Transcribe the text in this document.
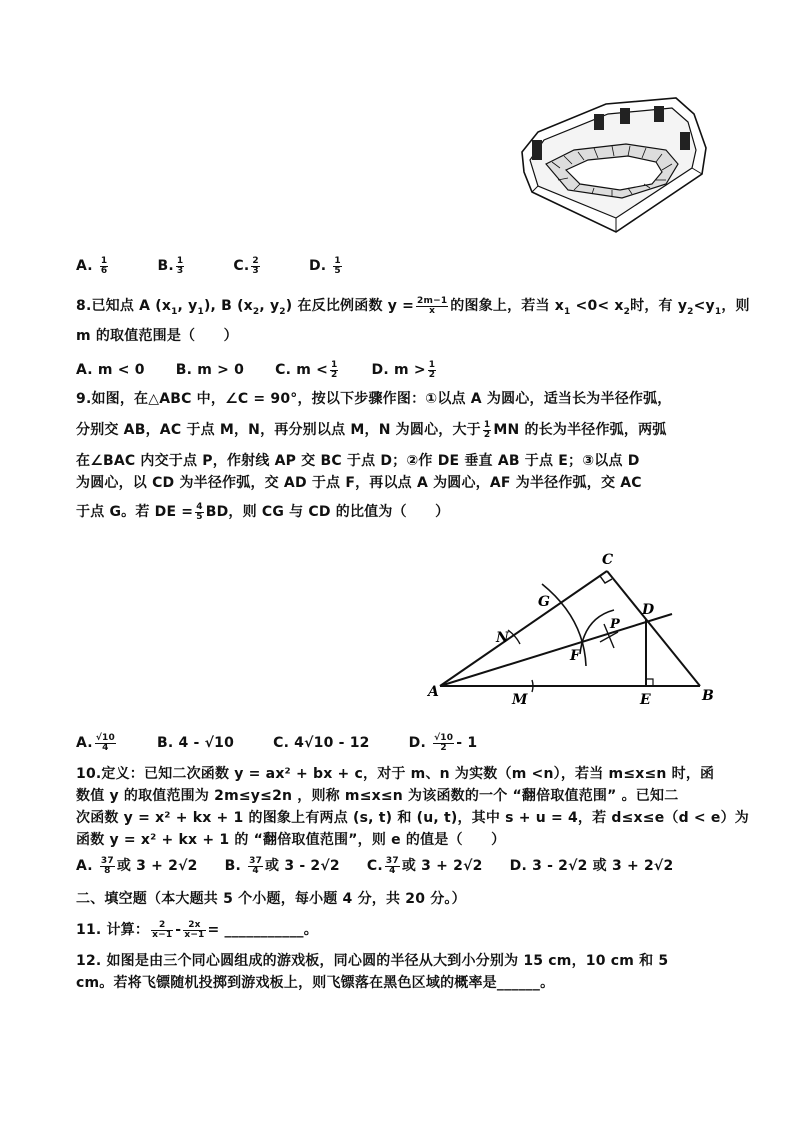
A. $\frac{1}{6}$	B. $\frac{1}{3}$	C. $\frac{2}{3}$	D. $\frac{1}{5}$
8.已知点 A ($x_1$, $y_1$), B ($x_2$, $y_2$) 在反比例函数 $y = \frac{2m-1}{x}$ 的图象上，若当 $x_1 <0< x_2$时，有 $y_2<y_1$，则
m 的取值范围是（　　）
A. m < 0 B. m > 0 C. $m < \frac{1}{2} D$. $m > \frac{1}{2}$
9.如图，在△ABC 中，∠C = 90°，按以下步骤作图：①以点 A 为圆心，适当长为半径作弧，
分别交 AB，AC 于点 M，N，再分别以点 M，N 为圆心，大于 $\frac{1}{2}$ MN 的长为半径作弧，两弧
在∠BAC 内交于点 P，作射线 AP 交 BC 于点 D；②作 DE 垂直 AB 于点 E；③以点 D
为圆心，以 CD 为半径作弧，交 AD 于点 F，再以点 A 为圆心，AF 为半径作弧，交 AC
于点 G。若 DE = $\frac{4}{5}$ BD，则 CG 与 CD 的比值为（　　）
C
G	D
P
N
F
A	M	E	B
A. $\frac{√10}{4}$	B. 4 - √10	C. 4√10 - 12	D. $\frac{√10}{2} - 1$
10.定义：已知二次函数 y = ax² + bx + c，对于 m、n 为实数（m <n），若当 m≤x≤n 时，函
数值 y 的取值范围为 2m≤y≤2n ，则称 m≤x≤n 为该函数的一个 “翻倍取值范围” 。已知二
次函数 y = x² + kx + 1 的图象上有两点 (s, t) 和 (u, t)，其中 s + u = 4，若 d≤x≤e（d < e）为
函数 y = x² + kx + 1 的 “翻倍取值范围”，则 e 的值是（　　）
A. $\frac{37}{8}$ 或 3 + 2√2 B. $\frac{37}{4}$ 或 3 - 2√2 C. $\frac{37}{4}$ 或 3 + 2√2 D. 3 - 2√2 或 3 + 2√2
二、填空题（本大题共 5 个小题，每小题 4 分，共 20 分。）
11. 计算： $\frac{2}{x-1} - \frac{2x}{x-1}$ = ___________。
12. 如图是由三个同心圆组成的游戏板，同心圆的半径从大到小分别为 15 cm，10 cm 和 5
cm。若将飞镖随机投掷到游戏板上，则飞镖落在黑色区域的概率是______。
